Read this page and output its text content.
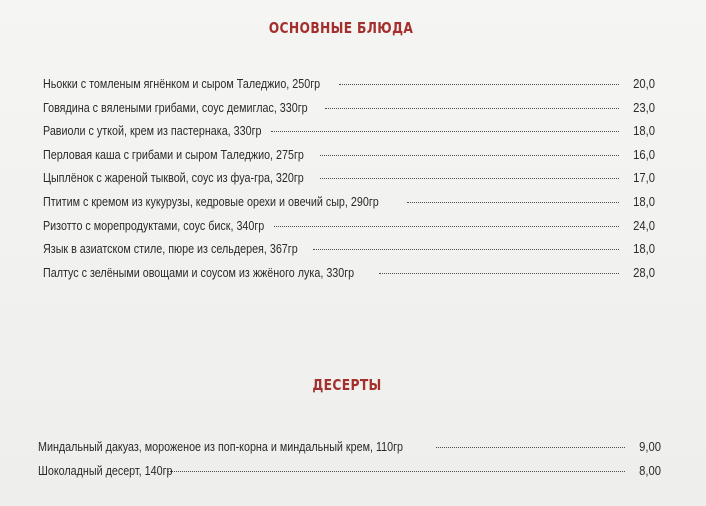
ОСНОВНЫЕ БЛЮДА
Ньокки с томленым ягнёнком и сыром Таледжио, 250гр	20,0
Говядина с вялеными грибами, соус демиглас, 330гр	23,0
Равиоли с уткой, крем из пастернака, 330гр	18,0
Перловая каша с грибами и сыром Таледжио, 275гр	16,0
Цыплёнок с жареной тыквой, соус из фуа-гра, 320гр	17,0
Птитим с кремом из кукурузы, кедровые орехи и овечий сыр, 290гр	18,0
Ризотто с морепродуктами, соус биск, 340гр	24,0
Язык в азиатском стиле, пюре из сельдерея, 367гр	18,0
Палтус с зелёными овощами и соусом из жжёного лука, 330гр	28,0
ДЕСЕРТЫ
Миндальный дакуаз, мороженое из поп-корна и миндальный крем, 110гр	9,00
Шоколадный десерт, 140гр	8,00
